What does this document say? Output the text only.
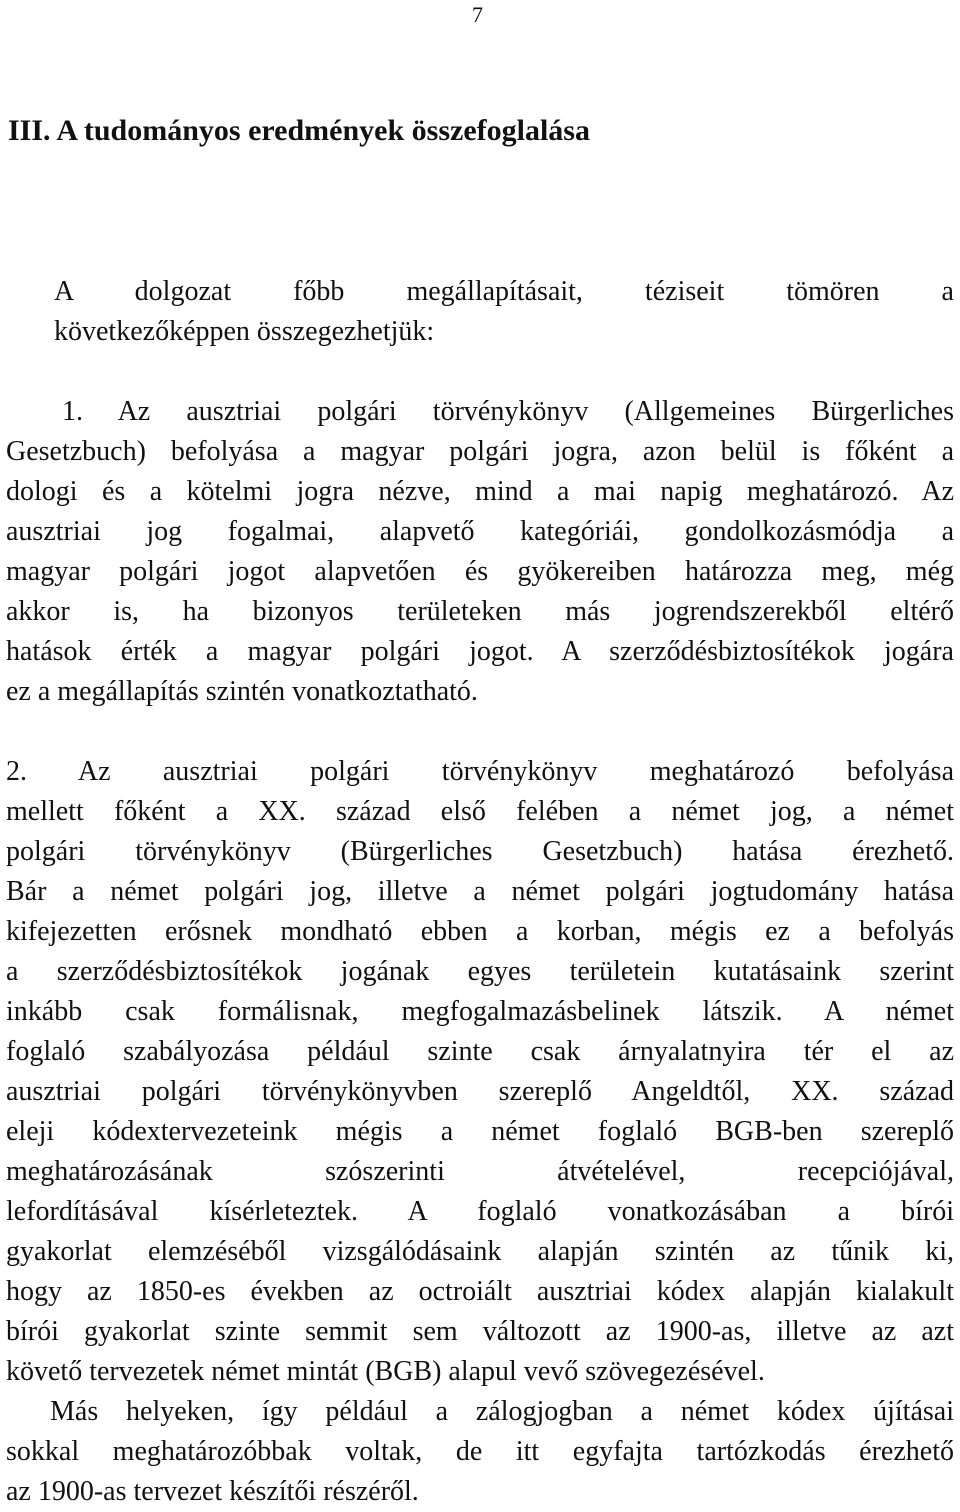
7
III. A tudományos eredmények összefoglalása
A dolgozat főbb megállapításait, téziseit tömören a
következőképpen összegezhetjük:
1. Az ausztriai polgári törvénykönyv (Allgemeines Bürgerliches
Gesetzbuch) befolyása a magyar polgári jogra, azon belül is főként a
dologi és a kötelmi jogra nézve, mind a mai napig meghatározó. Az
ausztriai jog fogalmai, alapvető kategóriái, gondolkozásmódja a
magyar polgári jogot alapvetően és gyökereiben határozza meg, még
akkor is, ha bizonyos területeken más jogrendszerekből eltérő
hatások érték a magyar polgári jogot. A szerződésbiztosítékok jogára
ez a megállapítás szintén vonatkoztatható.
2. Az ausztriai polgári törvénykönyv meghatározó befolyása
mellett főként a XX. század első felében a német jog, a német
polgári törvénykönyv (Bürgerliches Gesetzbuch) hatása érezhető.
Bár a német polgári jog, illetve a német polgári jogtudomány hatása
kifejezetten erősnek mondható ebben a korban, mégis ez a befolyás
a szerződésbiztosítékok jogának egyes területein kutatásaink szerint
inkább csak formálisnak, megfogalmazásbelinek látszik. A német
foglaló szabályozása például szinte csak árnyalatnyira tér el az
ausztriai polgári törvénykönyvben szereplő Angeldtől, XX. század
eleji kódextervezeteink mégis a német foglaló BGB-ben szereplő
meghatározásának szószerinti átvételével, recepciójával,
lefordításával kísérleteztek. A foglaló vonatkozásában a bírói
gyakorlat elemzéséből vizsgálódásaink alapján szintén az tűnik ki,
hogy az 1850-es években az octroiált ausztriai kódex alapján kialakult
bírói gyakorlat szinte semmit sem változott az 1900-as, illetve az azt
követő tervezetek német mintát (BGB) alapul vevő szövegezésével.
Más helyeken, így például a zálogjogban a német kódex újításai
sokkal meghatározóbbak voltak, de itt egyfajta tartózkodás érezhető
az 1900-as tervezet készítői részéről.
